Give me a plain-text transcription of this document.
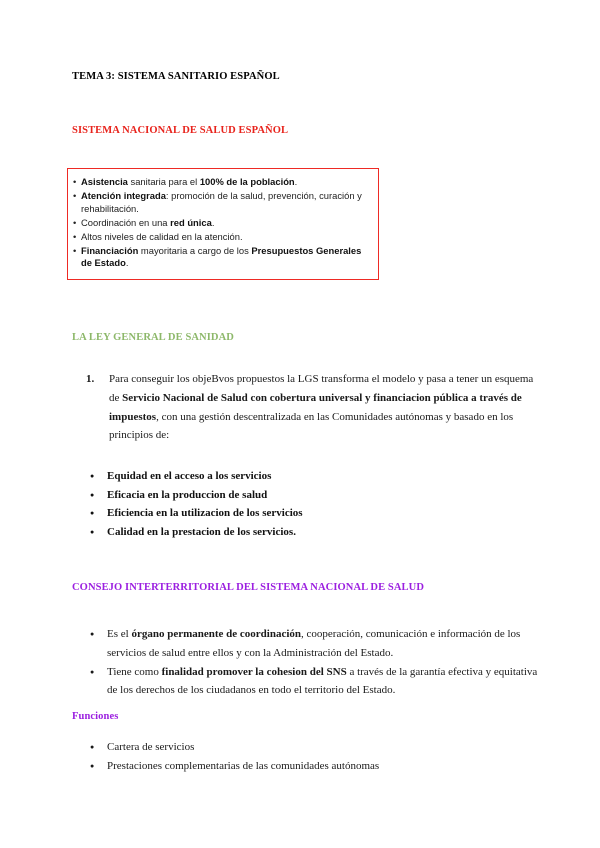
TEMA 3: SISTEMA SANITARIO ESPAÑOL
SISTEMA NACIONAL DE SALUD ESPAÑOL
• Asistencia sanitaria para el 100% de la población.
• Atención integrada: promoción de la salud, prevención, curación y rehabilitación.
• Coordinación en una red única.
• Altos niveles de calidad en la atención.
• Financiación mayoritaria a cargo de los Presupuestos Generales de Estado.
LA LEY GENERAL DE SANIDAD
1. Para conseguir los objeBvos propuestos la LGS transforma el modelo y pasa a tener un esquema de Servicio Nacional de Salud con cobertura universal y financiacion pública a través de impuestos, con una gestión descentralizada en las Comunidades autónomas y basado en los principios de:
● Equidad en el acceso a los servicios
● Eficacia en la produccion de salud
● Eficiencia en la utilizacion de los servicios
● Calidad en la prestacion de los servicios.
CONSEJO INTERTERRITORIAL DEL SISTEMA NACIONAL DE SALUD
● Es el órgano permanente de coordinación, cooperación, comunicación e información de los servicios de salud entre ellos y con la Administración del Estado.
● Tiene como finalidad promover la cohesion del SNS a través de la garantía efectiva y equitativa de los derechos de los ciudadanos en todo el territorio del Estado.
Funciones
● Cartera de servicios
● Prestaciones complementarias de las comunidades autónomas
